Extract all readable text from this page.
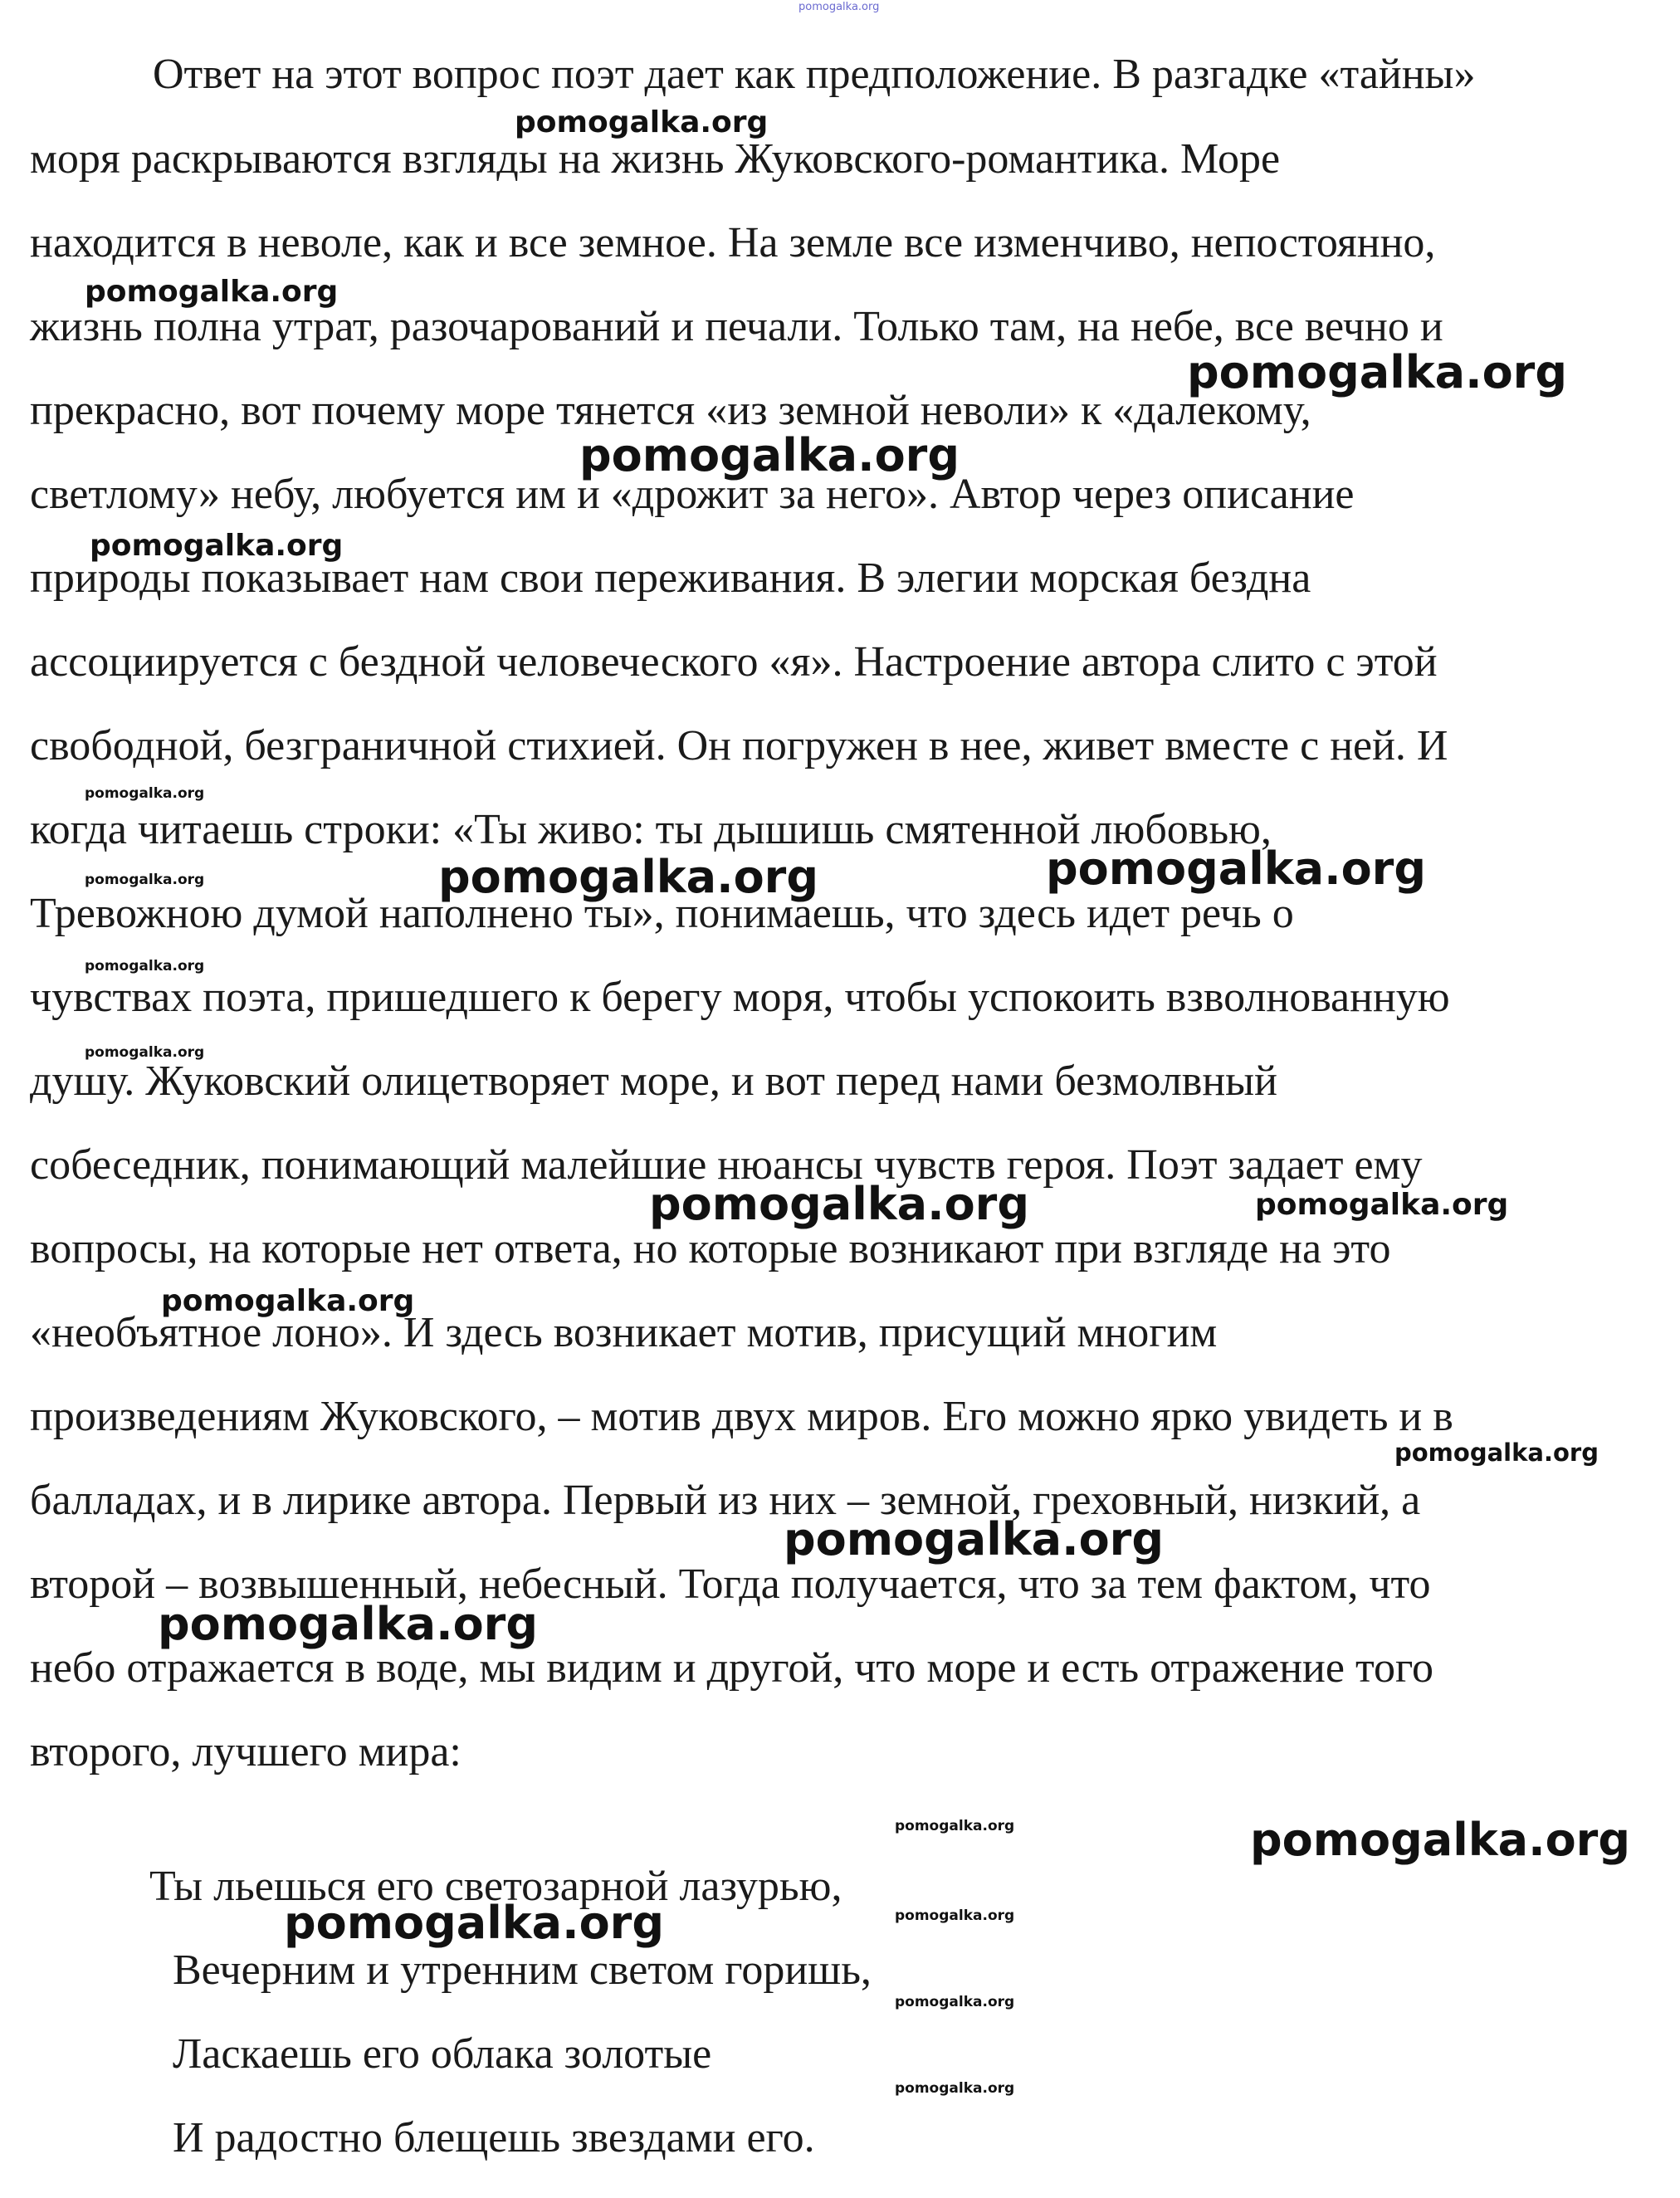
Ответ на этот вопрос поэт дает как предположение. В разгадке «тайны»
моря раскрываются взгляды на жизнь Жуковского-романтика. Море
находится в неволе, как и все земное. На земле все изменчиво, непостоянно,
жизнь полна утрат, разочарований и печали. Только там, на небе, все вечно и
прекрасно, вот почему море тянется «из земной неволи» к «далекому,
светлому» небу, любуется им и «дрожит за него». Автор через описание
природы показывает нам свои переживания. В элегии морская бездна
ассоциируется с бездной человеческого «я». Настроение автора слито с этой
свободной, безграничной стихией. Он погружен в нее, живет вместе с ней. И
когда читаешь строки: «Ты живо: ты дышишь смятенной любовью,
Тревожною думой наполнено ты», понимаешь, что здесь идет речь о
чувствах поэта, пришедшего к берегу моря, чтобы успокоить взволнованную
душу. Жуковский олицетворяет море, и вот перед нами безмолвный
собеседник, понимающий малейшие нюансы чувств героя. Поэт задает ему
вопросы, на которые нет ответа, но которые возникают при взгляде на это
«необъятное лоно». И здесь возникает мотив, присущий многим
произведениям Жуковского, – мотив двух миров. Его можно ярко увидеть и в
балладах, и в лирике автора. Первый из них – земной, греховный, низкий, а
второй – возвышенный, небесный. Тогда получается, что за тем фактом, что
небо отражается в воде, мы видим и другой, что море и есть отражение того
второго, лучшего мира:
Ты льешься его светозарной лазурью,
Вечерним и утренним светом горишь,
Ласкаешь его облака золотые
И радостно блещешь звездами его.
pomogalka.org
pomogalka.org
pomogalka.org
pomogalka.org
pomogalka.org
pomogalka.org
pomogalka.org
pomogalka.org
pomogalka.org
pomogalka.org
pomogalka.org
pomogalka.org
pomogalka.org	pomogalka.org
pomogalka.org
pomogalka.org
pomogalka.org
pomogalka.org
pomogalka.org	pomogalka.org
pomogalka.org	pomogalka.org
pomogalka.org
pomogalka.org
